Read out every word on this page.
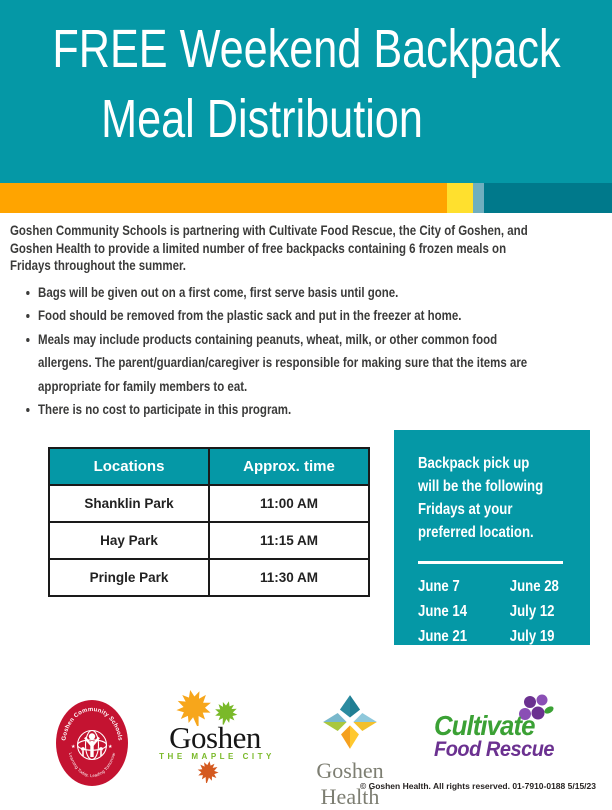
FREE Weekend Backpack
Meal Distribution
Goshen Community Schools is partnering with Cultivate Food Rescue, the City of Goshen, and
Goshen Health to provide a limited number of free backpacks containing 6 frozen meals on
Fridays throughout the summer.
Bags will be given out on a first come, first serve basis until gone.
Food should be removed from the plastic sack and put in the freezer at home.
Meals may include products containing peanuts, wheat, milk, or other common food
allergens. The parent/guardian/caregiver is responsible for making sure that the items are
appropriate for family members to eat.
There is no cost to participate in this program.
Locations	Approx. time
Shanklin Park	11:00 AM
Hay Park	11:15 AM
Pringle Park	11:30 AM
Backpack pick up
will be the following
Fridays at your
preferred location.
June 7	June 28
June 14	July 12
June 21	July 19
Goshen Community Schools
Learning Today, Leading Tomorrow
★	★	Goshen
THE MAPLE CITY
Goshen Health
Cultivate
Food Rescue
© Goshen Health. All rights reserved. 01-7910-0188 5/15/23
